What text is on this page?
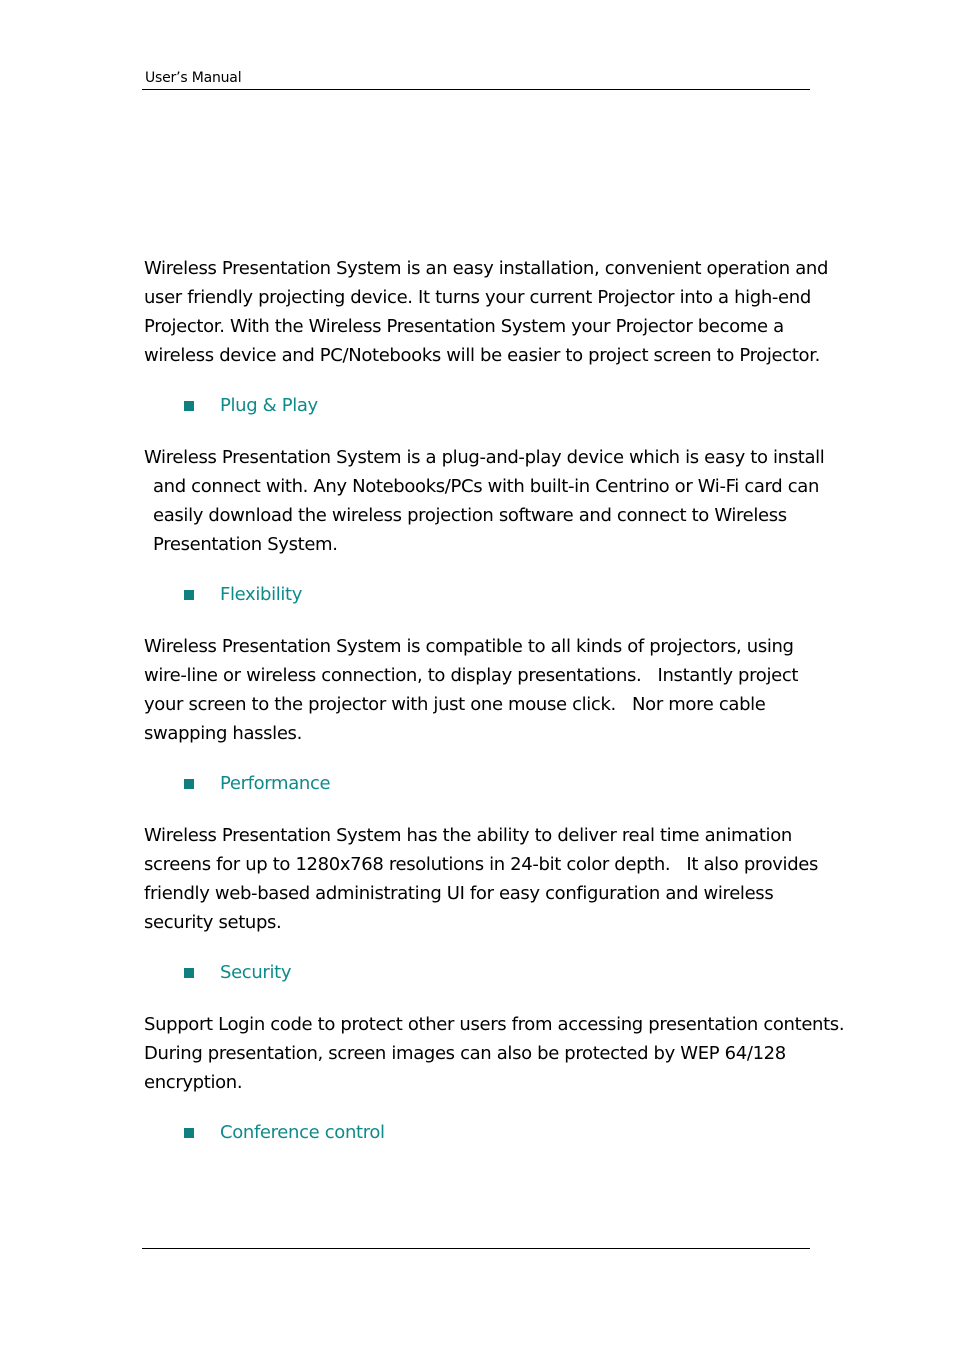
User’s Manual

Wireless Presentation System is an easy installation, convenient operation and
user friendly projecting device. It turns your current Projector into a high-end
Projector. With the Wireless Presentation System your Projector become a
wireless device and PC/Notebooks will be easier to project screen to Projector.

Plug & Play

Wireless Presentation System is a plug-and-play device which is easy to install
and connect with. Any Notebooks/PCs with built-in Centrino or Wi-Fi card can
easily download the wireless projection software and connect to Wireless
Presentation System.

Flexibility

Wireless Presentation System is compatible to all kinds of projectors, using
wire-line or wireless connection, to display presentations.   Instantly project
your screen to the projector with just one mouse click.   Nor more cable
swapping hassles.

Performance

Wireless Presentation System has the ability to deliver real time animation
screens for up to 1280x768 resolutions in 24-bit color depth.   It also provides
friendly web-based administrating UI for easy configuration and wireless
security setups.

Security

Support Login code to protect other users from accessing presentation contents.
During presentation, screen images can also be protected by WEP 64/128
encryption.

Conference control
